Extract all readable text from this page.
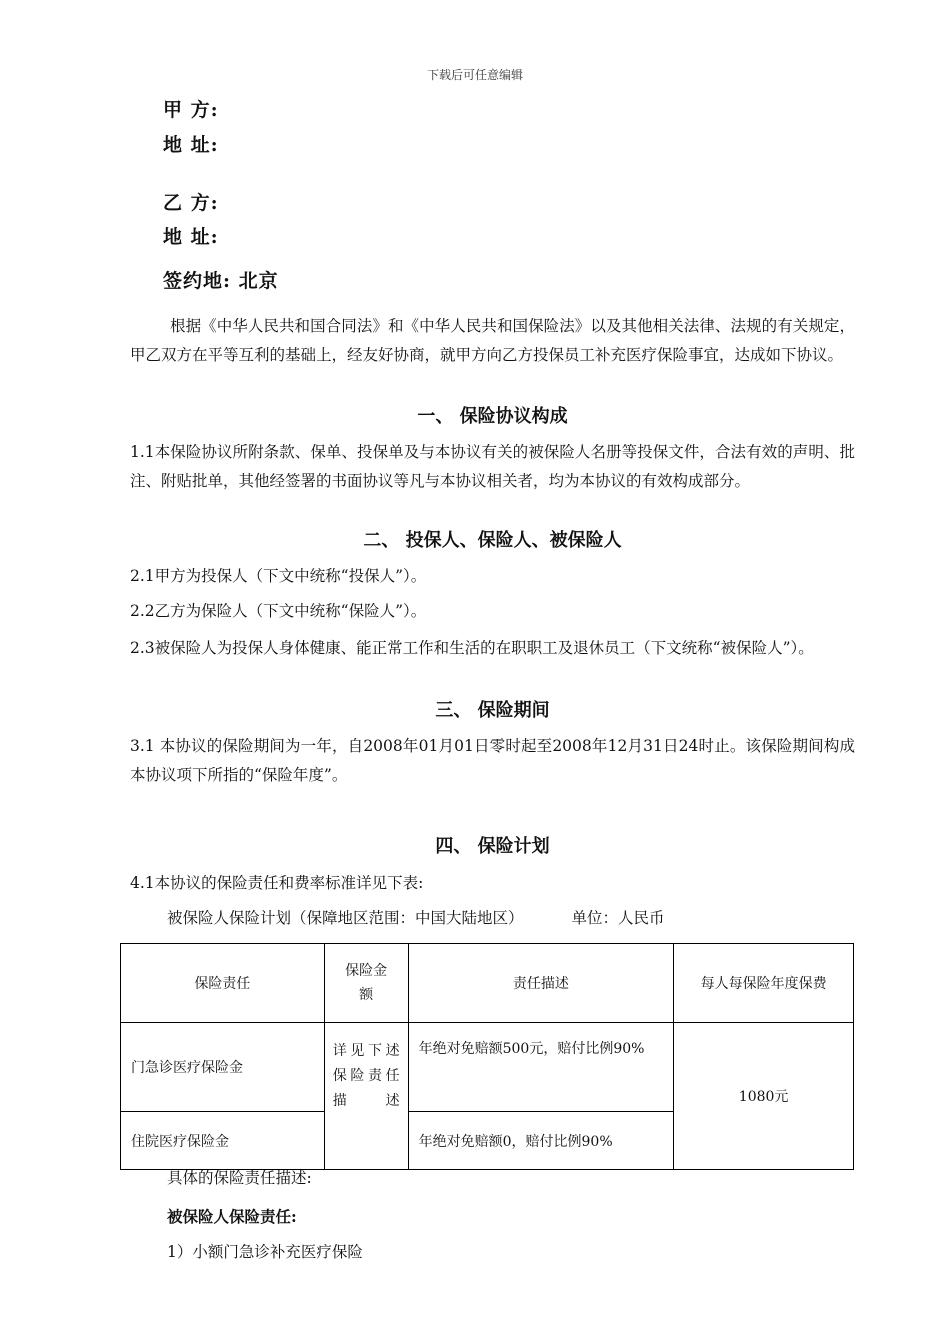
下载后可任意编辑
甲 方:
地 址:
乙 方:
地 址:
签约地: 北京
根据《中华人民共和国合同法》和《中华人民共和国保险法》以及其他相关法律、法规的有关规定，甲乙双方在平等互利的基础上，经友好协商，就甲方向乙方投保员工补充医疗保险事宜，达成如下协议。
一、 保险协议构成
1.1本保险协议所附条款、保单、投保单及与本协议有关的被保险人名册等投保文件，合法有效的声明、批注、附贴批单，其他经签署的书面协议等凡与本协议相关者，均为本协议的有效构成部分。
二、 投保人、保险人、被保险人
2.1甲方为投保人（下文中统称“投保人”）。
2.2乙方为保险人（下文中统称“保险人”）。
2.3被保险人为投保人身体健康、能正常工作和生活的在职职工及退休员工（下文统称“被保险人”）。
三、 保险期间
3.1 本协议的保险期间为一年，自2008年01月01日零时起至2008年12月31日24时止。该保险期间构成本协议项下所指的“保险年度”。
四、 保险计划
4.1本协议的保险责任和费率标准详见下表:
被保险人保险计划（保障地区范围：中国大陆地区）	单位：人民币
保险责任	保险金额	责任描述	每人每保险年度保费
门急诊医疗保险金	详见下述保险责任描述	年绝对免赔额500元，赔付比例90%	1080元
住院医疗保险金		年绝对免赔额0，赔付比例90%	
具体的保险责任描述:
被保险人保险责任:
1）小额门急诊补充医疗保险
